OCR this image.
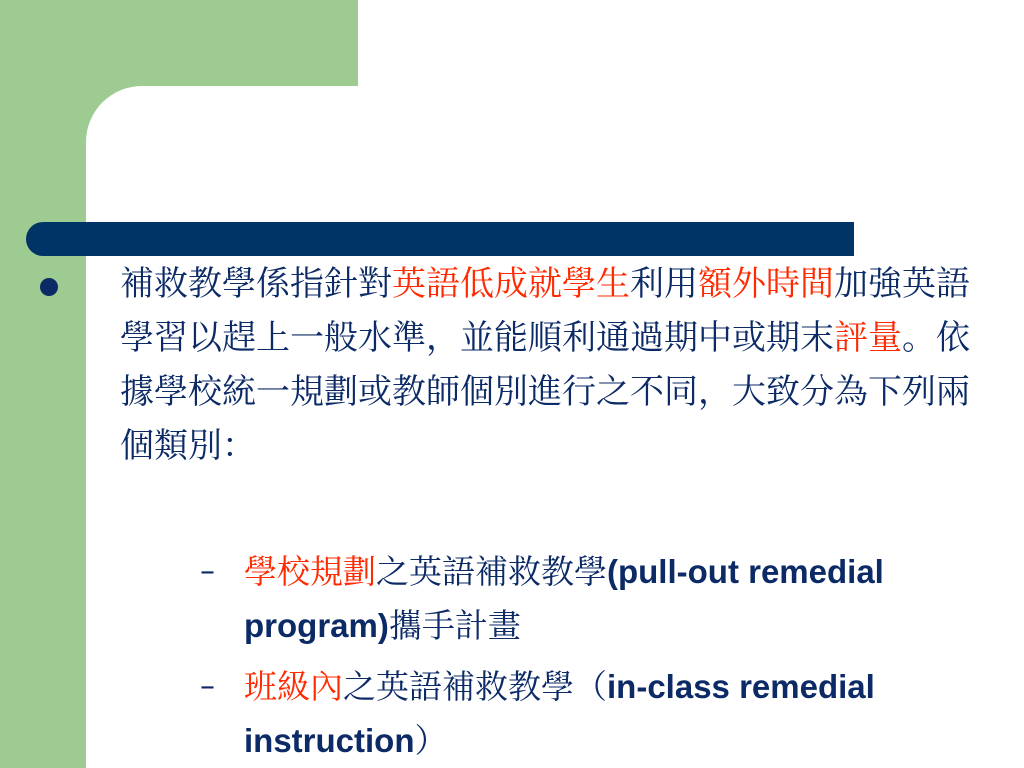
補救教學係指針對英語低成就學生利用額外時間加強英語學習以趕上一般水準，並能順利通過期中或期末評量。依據學校統一規劃或教師個別進行之不同，大致分為下列兩個類別：

– 學校規劃之英語補救教學(pull-out remedial program)攜手計畫

– 班級內之英語補救教學（in-class remedial instruction）
